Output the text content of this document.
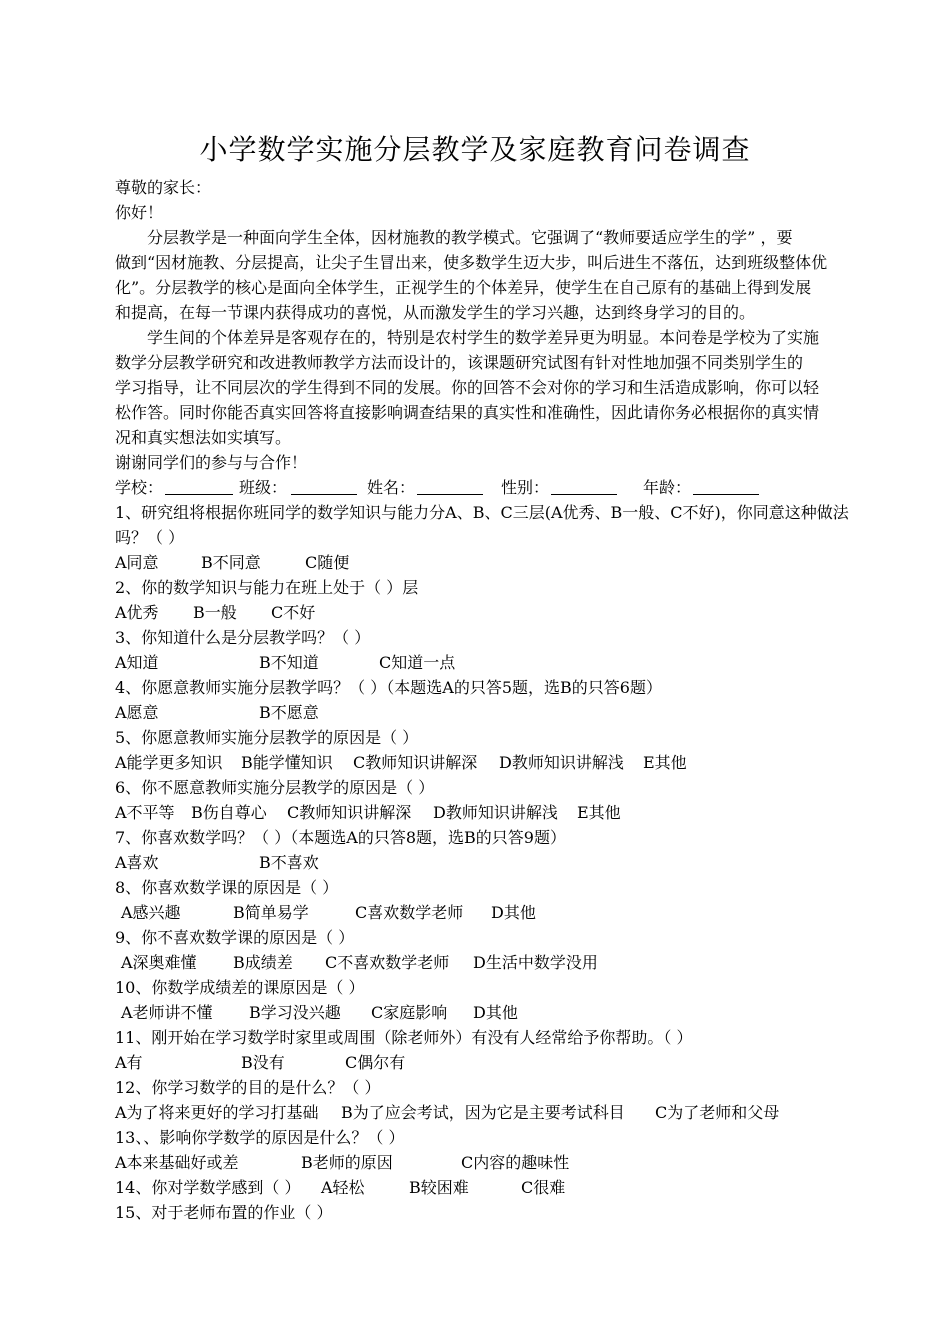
小学数学实施分层教学及家庭教育问卷调查
尊敬的家长：
你好！
分层教学是一种面向学生全体，因材施教的教学模式。它强调了“教师要适应学生的学” ，要
做到“因材施教、分层提高，让尖子生冒出来，使多数学生迈大步，叫后进生不落伍，达到班级整体优
化”。分层教学的核心是面向全体学生，正视学生的个体差异，使学生在自己原有的基础上得到发展
和提高，在每一节课内获得成功的喜悦，从而激发学生的学习兴趣，达到终身学习的目的。
学生间的个体差异是客观存在的，特别是农村学生的数学差异更为明显。本问卷是学校为了实施
数学分层教学研究和改进教师教学方法而设计的，该课题研究试图有针对性地加强不同类别学生的
学习指导，让不同层次的学生得到不同的发展。你的回答不会对你的学习和生活造成影响，你可以轻
松作答。同时你能否真实回答将直接影响调查结果的真实性和准确性，因此请你务必根据你的真实情
况和真实想法如实填写。
谢谢同学们的参与与合作！
学校：	班级：	姓名：	性别：	年龄：
1、研究组将根据你班同学的数学知识与能力分A、B、C三层(A优秀、B一般、C不好)，你同意这种做法
吗？（ ）
A同意	B不同意	C随便
2、你的数学知识与能力在班上处于（ ）层
A优秀 B一般 C不好
3、你知道什么是分层教学吗？（ ）
A知道	B不知道	C知道一点
4、你愿意教师实施分层教学吗？（ ）（本题选A的只答5题，选B的只答6题）
A愿意	B不愿意
5、你愿意教师实施分层教学的原因是（ ）
A能学更多知识 B能学懂知识 C教师知识讲解深 D教师知识讲解浅 E其他
6、你不愿意教师实施分层教学的原因是（ ）
A不平等 B伤自尊心 C教师知识讲解深 D教师知识讲解浅 E其他
7、你喜欢数学吗？（ ）（本题选A的只答8题，选B的只答9题）
A喜欢	B不喜欢
8、你喜欢数学课的原因是（ ）
A感兴趣	B简单易学	C喜欢数学老师 D其他
9、你不喜欢数学课的原因是（ ）
A深奥难懂 B成绩差 C不喜欢数学老师 D生活中数学没用
10、你数学成绩差的课原因是（ ）
A老师讲不懂 B学习没兴趣 C家庭影响 D其他
11、刚开始在学习数学时家里或周围（除老师外）有没有人经常给予你帮助。（ ）
A有	B没有	C偶尔有
12、你学习数学的目的是什么？（ ）
A为了将来更好的学习打基础 B为了应会考试，因为它是主要考试科目 C为了老师和父母
13、、影响你学数学的原因是什么？（ ）
A本来基础好或差	B老师的原因	C内容的趣味性
14、你对学数学感到（ ） A轻松	B较困难	C很难
15、对于老师布置的作业（ ）
